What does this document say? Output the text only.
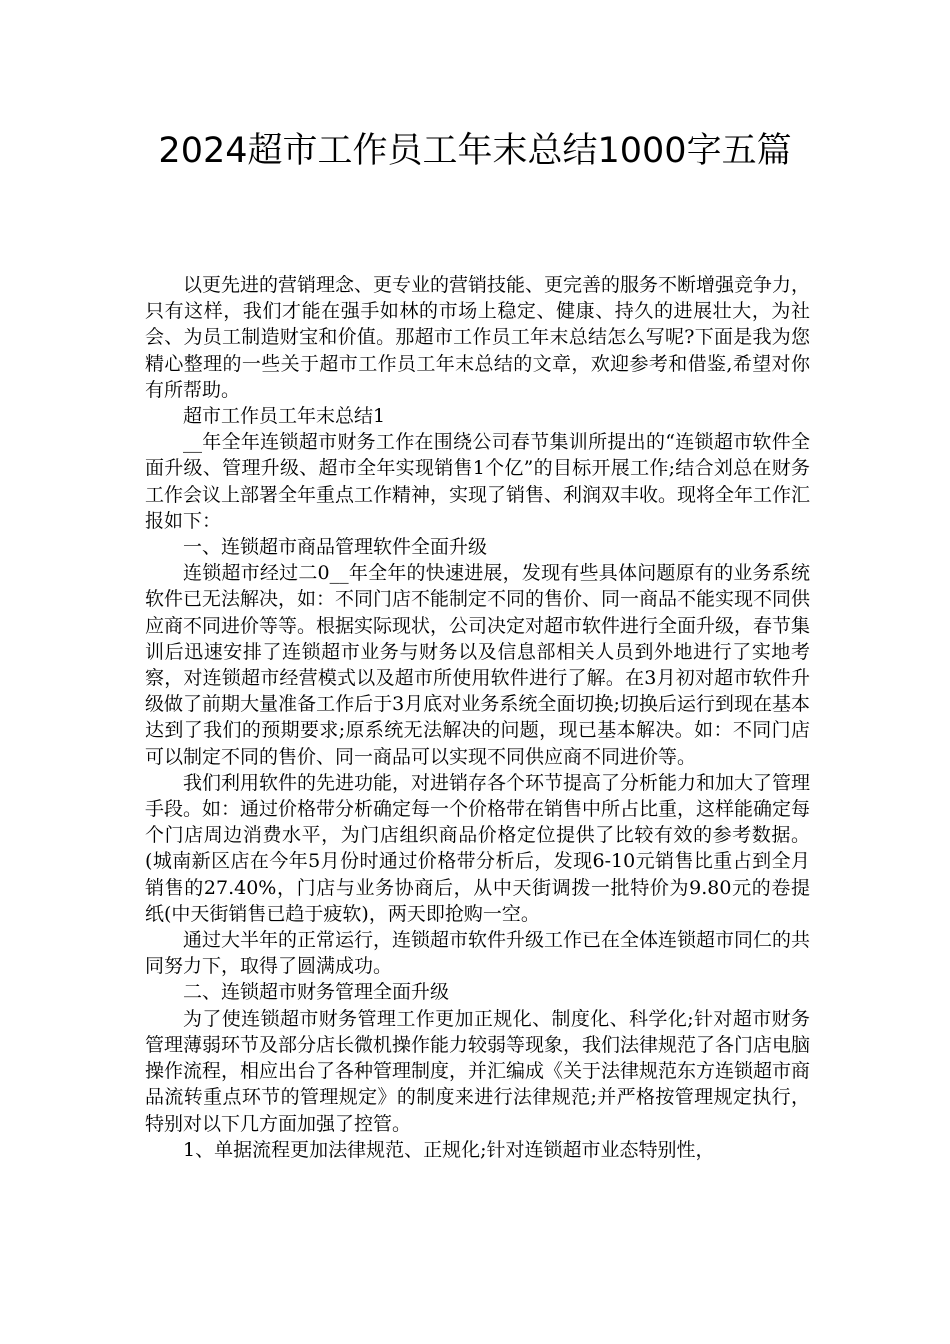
2024超市工作员工年末总结1000字五篇

以更先进的营销理念、更专业的营销技能、更完善的服务不断增强竞争力，只有这样，我们才能在强手如林的市场上稳定、健康、持久的进展壮大，为社会、为员工制造财宝和价值。那超市工作员工年末总结怎么写呢?下面是我为您精心整理的一些关于超市工作员工年末总结的文章，欢迎参考和借鉴,希望对你有所帮助。

超市工作员工年末总结1

__年全年连锁超市财务工作在围绕公司春节集训所提出的“连锁超市软件全面升级、管理升级、超市全年实现销售1个亿”的目标开展工作;结合刘总在财务工作会议上部署全年重点工作精神，实现了销售、利润双丰收。现将全年工作汇报如下：

一、连锁超市商品管理软件全面升级

连锁超市经过二0__年全年的快速进展，发现有些具体问题原有的业务系统软件已无法解决，如：不同门店不能制定不同的售价、同一商品不能实现不同供应商不同进价等等。根据实际现状，公司决定对超市软件进行全面升级，春节集训后迅速安排了连锁超市业务与财务以及信息部相关人员到外地进行了实地考察，对连锁超市经营模式以及超市所使用软件进行了解。在3月初对超市软件升级做了前期大量准备工作后于3月底对业务系统全面切换;切换后运行到现在基本达到了我们的预期要求;原系统无法解决的问题，现已基本解决。如：不同门店可以制定不同的售价、同一商品可以实现不同供应商不同进价等。

我们利用软件的先进功能，对进销存各个环节提高了分析能力和加大了管理手段。如：通过价格带分析确定每一个价格带在销售中所占比重，这样能确定每个门店周边消费水平，为门店组织商品价格定位提供了比较有效的参考数据。(城南新区店在今年5月份时通过价格带分析后，发现6-10元销售比重占到全月销售的27.40%，门店与业务协商后，从中天街调拨一批特价为9.80元的卷提纸(中天街销售已趋于疲软)，两天即抢购一空。

通过大半年的正常运行，连锁超市软件升级工作已在全体连锁超市同仁的共同努力下，取得了圆满成功。

二、连锁超市财务管理全面升级

为了使连锁超市财务管理工作更加正规化、制度化、科学化;针对超市财务管理薄弱环节及部分店长微机操作能力较弱等现象，我们法律规范了各门店电脑操作流程，相应出台了各种管理制度，并汇编成《关于法律规范东方连锁超市商品流转重点环节的管理规定》的制度来进行法律规范;并严格按管理规定执行，特别对以下几方面加强了控管。

1、单据流程更加法律规范、正规化;针对连锁超市业态特别性，
